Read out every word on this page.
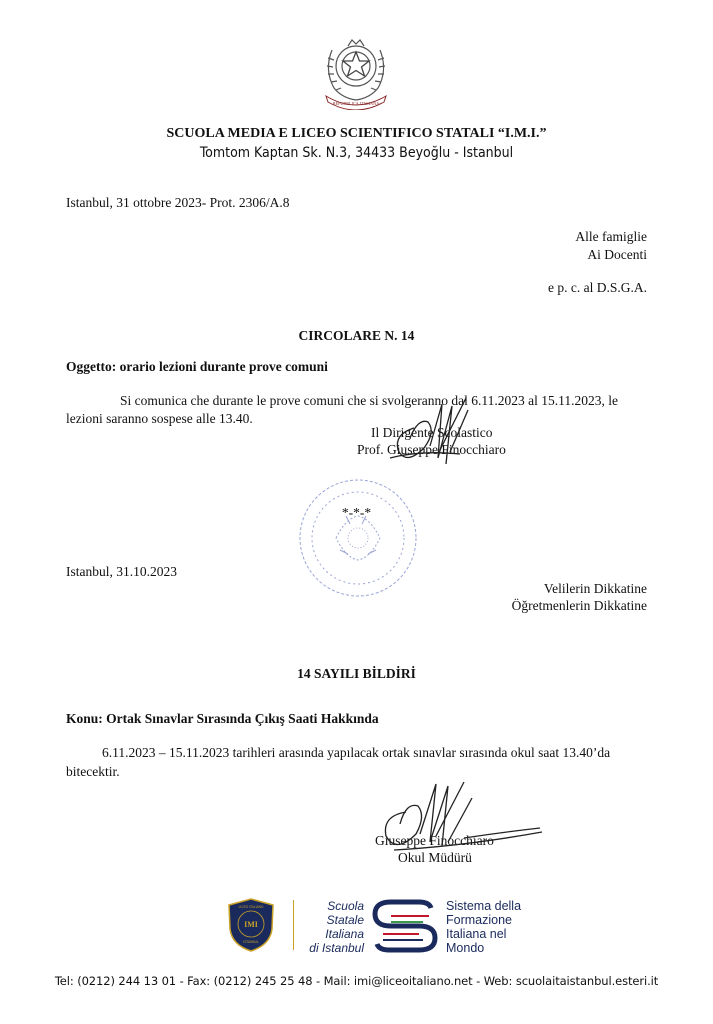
REPUBBLICA ITALIANA
SCUOLA MEDIA E LICEO SCIENTIFICO STATALI “I.M.I.”
Tomtom Kaptan Sk. N.3, 34433 Beyoğlu - Istanbul
Istanbul, 31 ottobre 2023- Prot. 2306/A.8
Alle famiglie
Ai Docenti
e p. c. al D.S.G.A.
CIRCOLARE N. 14
Oggetto: orario lezioni durante prove comuni
Si comunica che durante le prove comuni che si svolgeranno dal 6.11.2023 al 15.11.2023, le
lezioni saranno sospese alle 13.40.
Il Dirigente Scolastico
Prof. Giuseppe Finocchiaro
*-*-*
Istanbul, 31.10.2023
Velilerin Dikkatine
Öğretmenlerin Dikkatine
14 SAYILI BİLDİRİ
Konu: Ortak Sınavlar Sırasında Çıkış Saati Hakkında
6.11.2023 – 15.11.2023 tarihleri arasında yapılacak ortak sınavlar sırasında okul saat 13.40’da
bitecektir.
Giuseppe Finocchiaro
Okul Müdürü
LICEO ITALIANO
IMI
ISTANBUL
Scuola
Statale
Italiana
di Istanbul
Sistema della
Formazione
Italiana nel
Mondo
Tel: (0212) 244 13 01 - Fax: (0212) 245 25 48 - Mail: imi@liceoitaliano.net - Web: scuolaitaistanbul.esteri.it
